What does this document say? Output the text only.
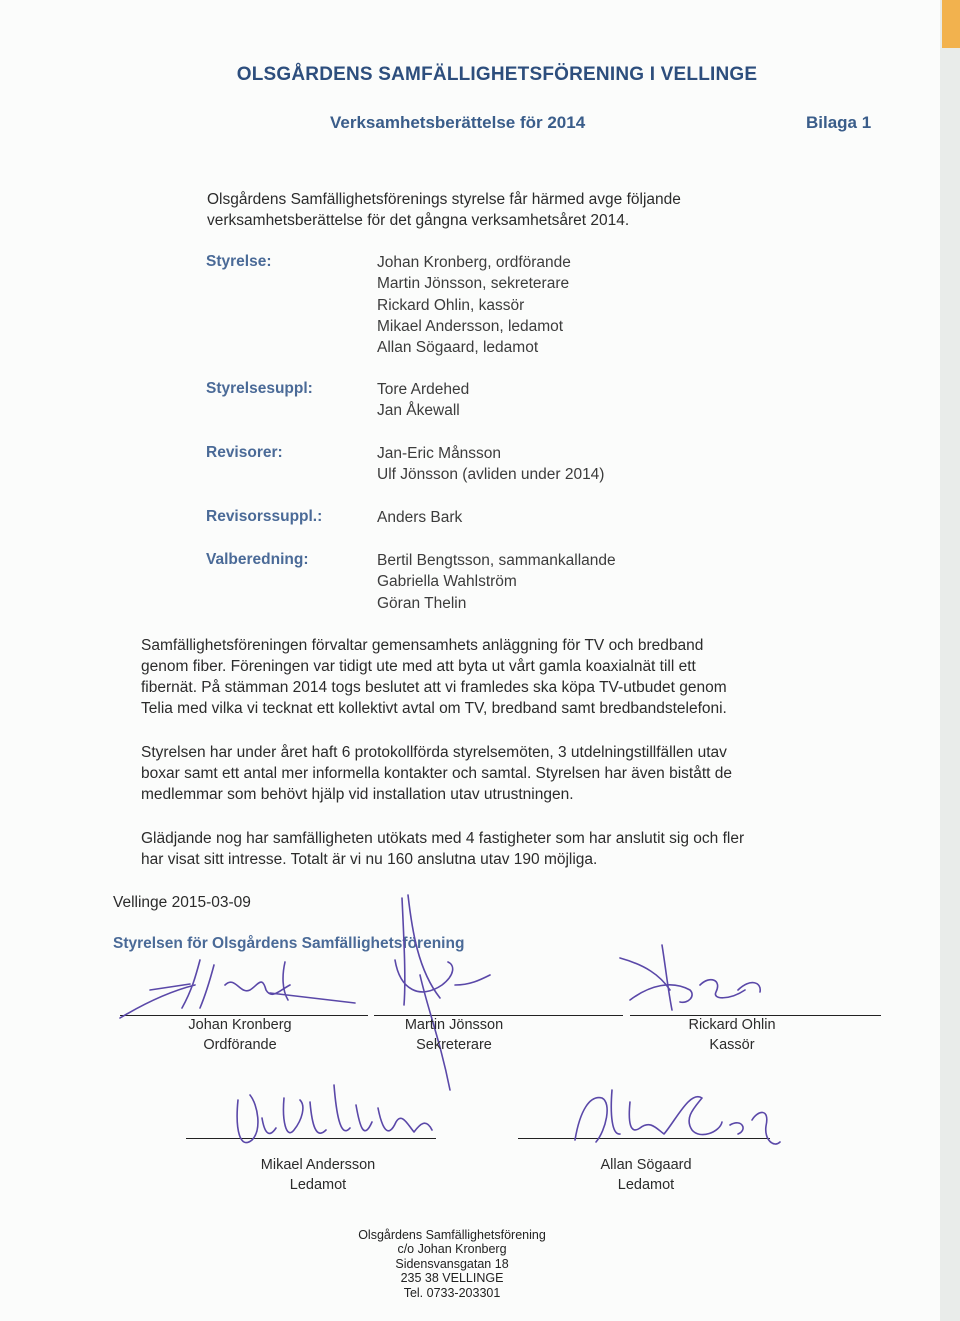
OLSGÅRDENS SAMFÄLLIGHETSFÖRENING I VELLINGE
Verksamhetsberättelse för 2014	Bilaga 1
Olsgårdens Samfällighetsförenings styrelse får härmed avge följande
verksamhetsberättelse för det gångna verksamhetsåret 2014.
Styrelse:	Johan Kronberg, ordförande
Martin Jönsson, sekreterare
Rickard Ohlin, kassör
Mikael Andersson, ledamot
Allan Sögaard, ledamot
Styrelsesuppl:	Tore Ardehed
Jan Åkewall
Revisorer:	Jan-Eric Månsson
Ulf Jönsson (avliden under 2014)
Revisorssuppl.:	Anders Bark
Valberedning:	Bertil Bengtsson, sammankallande
Gabriella Wahlström
Göran Thelin
Samfällighetsföreningen förvaltar gemensamhets anläggning för TV och bredband
genom fiber. Föreningen var tidigt ute med att byta ut vårt gamla koaxialnät till ett
fibernät. På stämman 2014 togs beslutet att vi framledes ska köpa TV-utbudet genom
Telia med vilka vi tecknat ett kollektivt avtal om TV, bredband samt bredbandstelefoni.
Styrelsen har under året haft 6 protokollförda styrelsemöten, 3 utdelningstillfällen utav
boxar samt ett antal mer informella kontakter och samtal. Styrelsen har även bistått de
medlemmar som behövt hjälp vid installation utav utrustningen.
Glädjande nog har samfälligheten utökats med 4 fastigheter som har anslutit sig och fler
har visat sitt intresse. Totalt är vi nu 160 anslutna utav 190 möjliga.
Vellinge 2015-03-09
Styrelsen för Olsgårdens Samfällighetsförening
Johan Kronberg
Ordförande
Martin Jönsson
Sekreterare
Rickard Ohlin
Kassör
Mikael Andersson
Ledamot
Allan Sögaard
Ledamot
Olsgårdens Samfällighetsförening
c/o Johan Kronberg
Sidensvansgatan 18
235 38 VELLINGE
Tel. 0733-203301
